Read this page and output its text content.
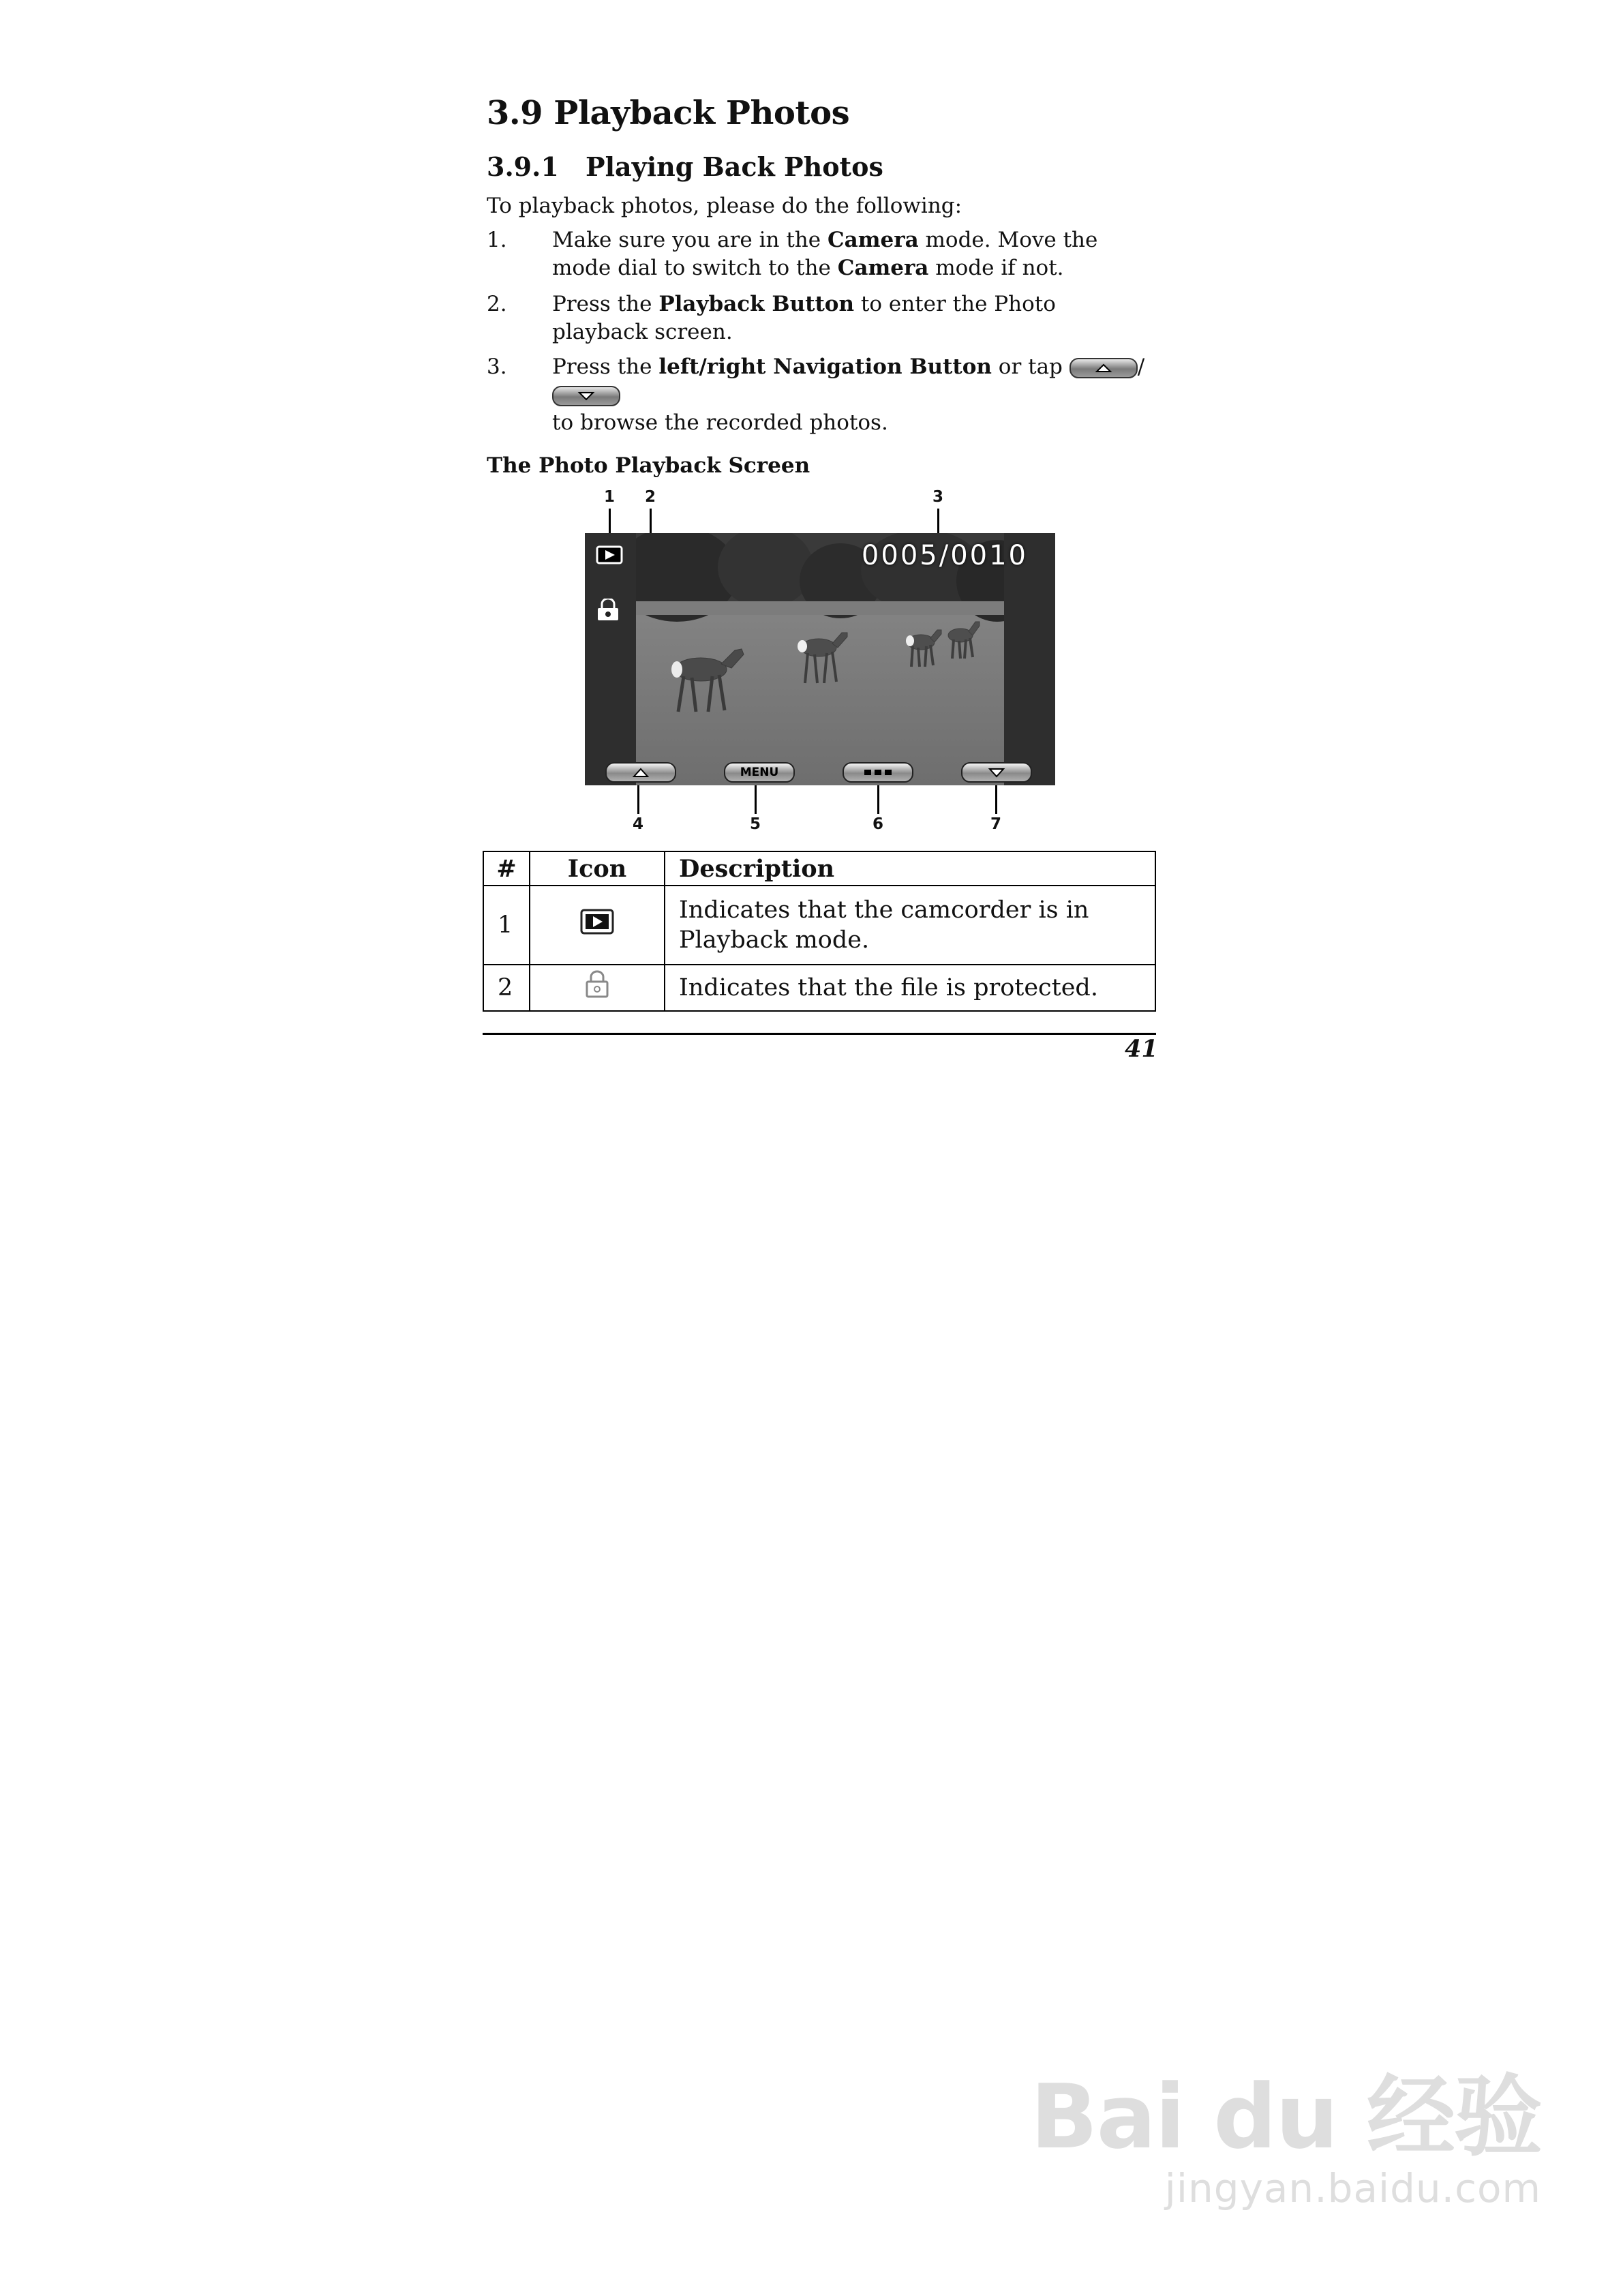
3.9 Playback Photos
3.9.1 Playing Back Photos
To playback photos, please do the following:
1. Make sure you are in the Camera mode. Move the mode dial to switch to the Camera mode if not.
2. Press the Playback Button to enter the Photo playback screen.
3. Press the left/right Navigation Button or tap	/

to browse the recorded photos.
The Photo Playback Screen
1 2	3
4	5	6	7
0005/0010
MENU
#	Icon	Description
1		Indicates that the camcorder is in Playback mode.
2		Indicates that the file is protected.
41
Bai du 经验
jingyan.baidu.com
